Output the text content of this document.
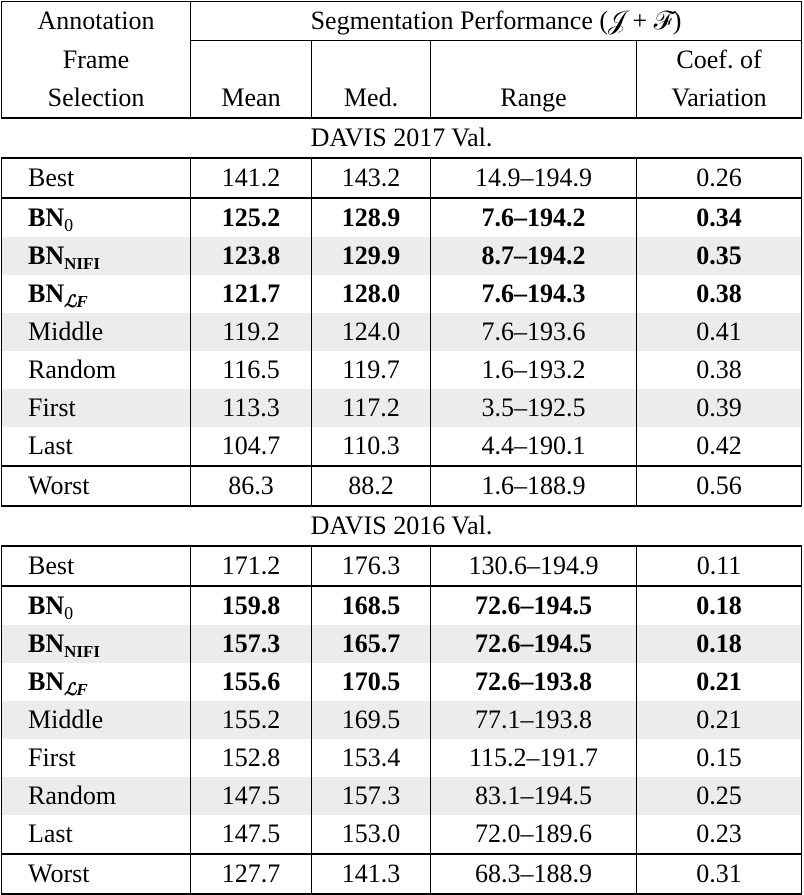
Annotation	Segmentation Performance (𝒥 + ℱ)			
Frame				Coef. of
Selection	Mean	Med.	Range	Variation
DAVIS 2017 Val.				
Best	141.2	143.2	14.9–194.9	0.26
BN0	125.2	128.9	7.6–194.2	0.34
$BN_{NIFI}$	123.8	129.9	8.7–194.2	0.35
BNℒF	121.7	128.0	7.6–194.3	0.38
Middle	119.2	124.0	7.6–193.6	0.41
Random	116.5	119.7	1.6–193.2	0.38
First	113.3	117.2	3.5–192.5	0.39
Last	104.7	110.3	4.4–190.1	0.42
Worst	86.3	88.2	1.6–188.9	0.56
DAVIS 2016 Val.				
Best	171.2	176.3	130.6–194.9	0.11
BN0	159.8	168.5	72.6–194.5	0.18
$BN_{NIFI}$	157.3	165.7	72.6–194.5	0.18
BNℒF	155.6	170.5	72.6–193.8	0.21
Middle	155.2	169.5	77.1–193.8	0.21
First	152.8	153.4	115.2–191.7	0.15
Random	147.5	157.3	83.1–194.5	0.25
Last	147.5	153.0	72.0–189.6	0.23
Worst	127.7	141.3	68.3–188.9	0.31
